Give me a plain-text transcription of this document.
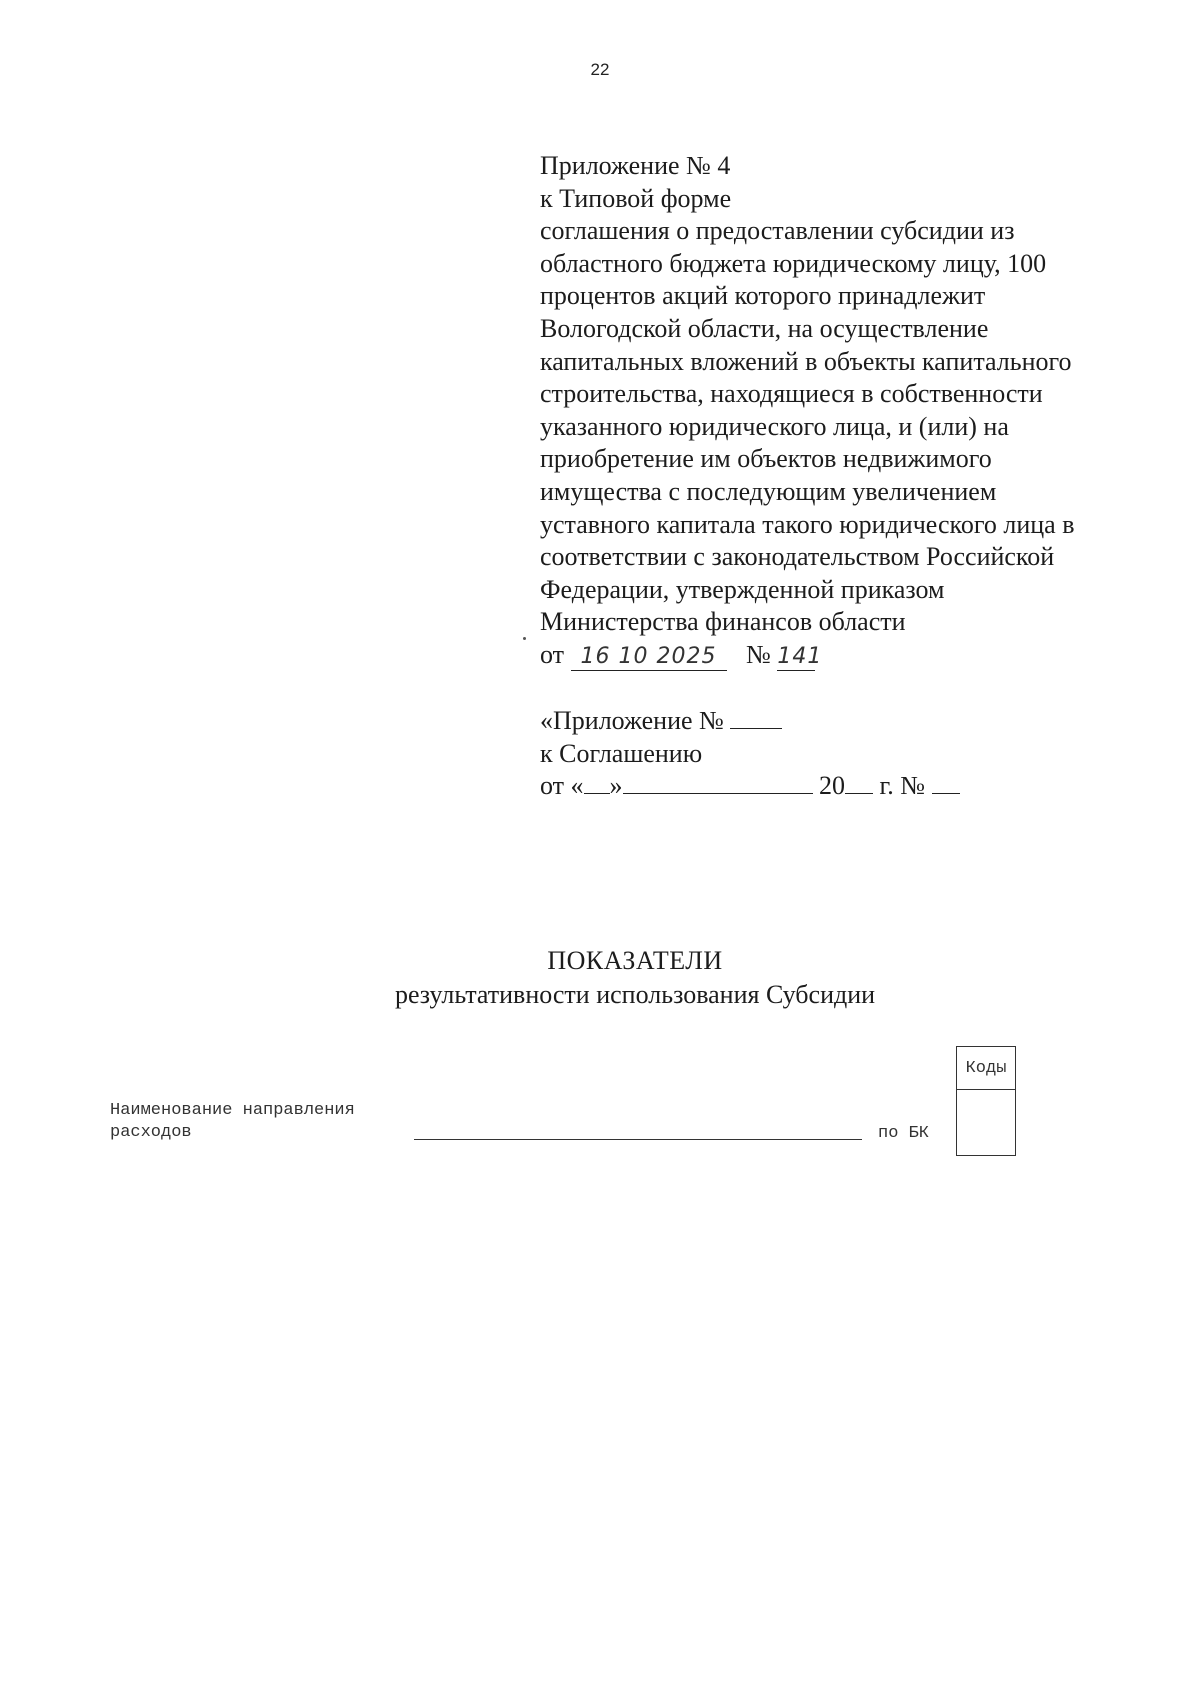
22
Приложение № 4
к Типовой форме
соглашения о предоставлении субсидии из
областного бюджета юридическому лицу, 100
процентов акций которого принадлежит
Вологодской области, на осуществление
капитальных вложений в объекты капитального
строительства, находящиеся в собственности
указанного юридического лица, и (или) на
приобретение им объектов недвижимого
имущества с последующим увеличением
уставного капитала такого юридического лица в
соответствии с законодательством Российской
Федерации, утвержденной приказом
Министерства финансов области
от 16 10 2025 № 141
«Приложение №
к Соглашению
от « »	20 г. №
ПОКАЗАТЕЛИ
результативности использования Субсидии
Наименование направления
расходов	по БК
Коды
